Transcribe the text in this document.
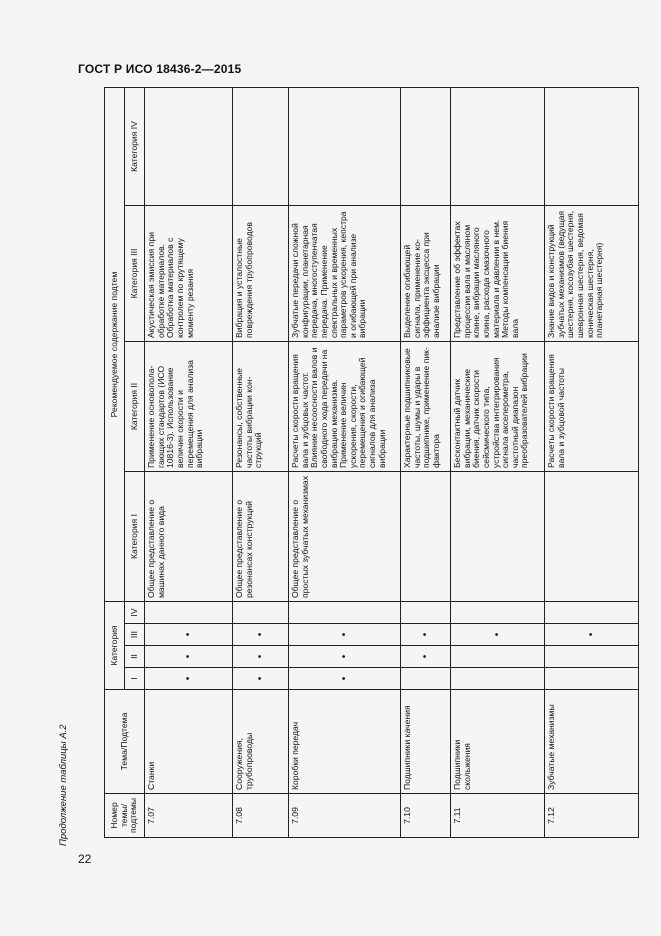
ГОСТ Р ИСО 18436-2—2015
Продолжение таблицы А.2
22
Номер темы/ подтемы	Тема/Подтема	Категория				Рекомендуемое содержание подтем			
		I	II	III	IV	Категория I	Категория II	Категория III	Категория IV
7.07	Станки	•	•	•		Общее представление о машинах данного вида	Применение основополагающих стандартов (ИСО 10816-3). Использование величин скорости и перемещения для анализа вибрации	Акустическая эмиссия при обработке материалов. Обработка материалов с контролем по крутящему моменту резания	
7.08	Сооружения, трубопроводы	•	•	•		Общее представление о резонансах конструкций	Резонансы, собственные частоты вибрации конструкций	Вибрация и усталостные повреждения трубопроводов	
7.09	Коробки передач	•	•	•		Общее представление о простых зубчатых механизмах	Расчеты скорости вращения вала и зубцовых частот. Влияние несоосности валов и свободного хода передачи на вибрацию механизма. Применение величин ускорения, скорости, перемещения и огибающей сигналов для анализа вибрации	Зубчатые передачи сложной конфигурации, планетарная передача, многоступенчатая передача. Применение спектральных и временных параметров ускорения, кепстра и огибающей при анализе вибрации	
7.10	Подшипники качения		•	•			Характерные подшипниковые частоты, шумы и удары в подшипнике, применение пик-фактора	Выделение огибающей сигнала, применение коэффициента эксцесса при анализе вибрации	
7.11	Подшипники скольжения			•			Бесконтактный датчик вибрации, механические биения, датчик скорости сейсмического типа, устройства интегрирования сигнала акселерометра, частотный диапазон преобразователей вибрации	Представление об эффектах процессии вала и масляном клине, вибрации масляного клина, расхода смазочного материала и давлении в нем. Методы компенсации биения вала	
7.12	Зубчатые механизмы			•			Расчеты скорости вращения вала и зубцовой частоты	Знание видов и конструкций зубчатых механизмов (ведущая шестерня, косозубая шестерня, шевронная шестерня, ведомая коническая шестерня, планетарная шестерня)	
